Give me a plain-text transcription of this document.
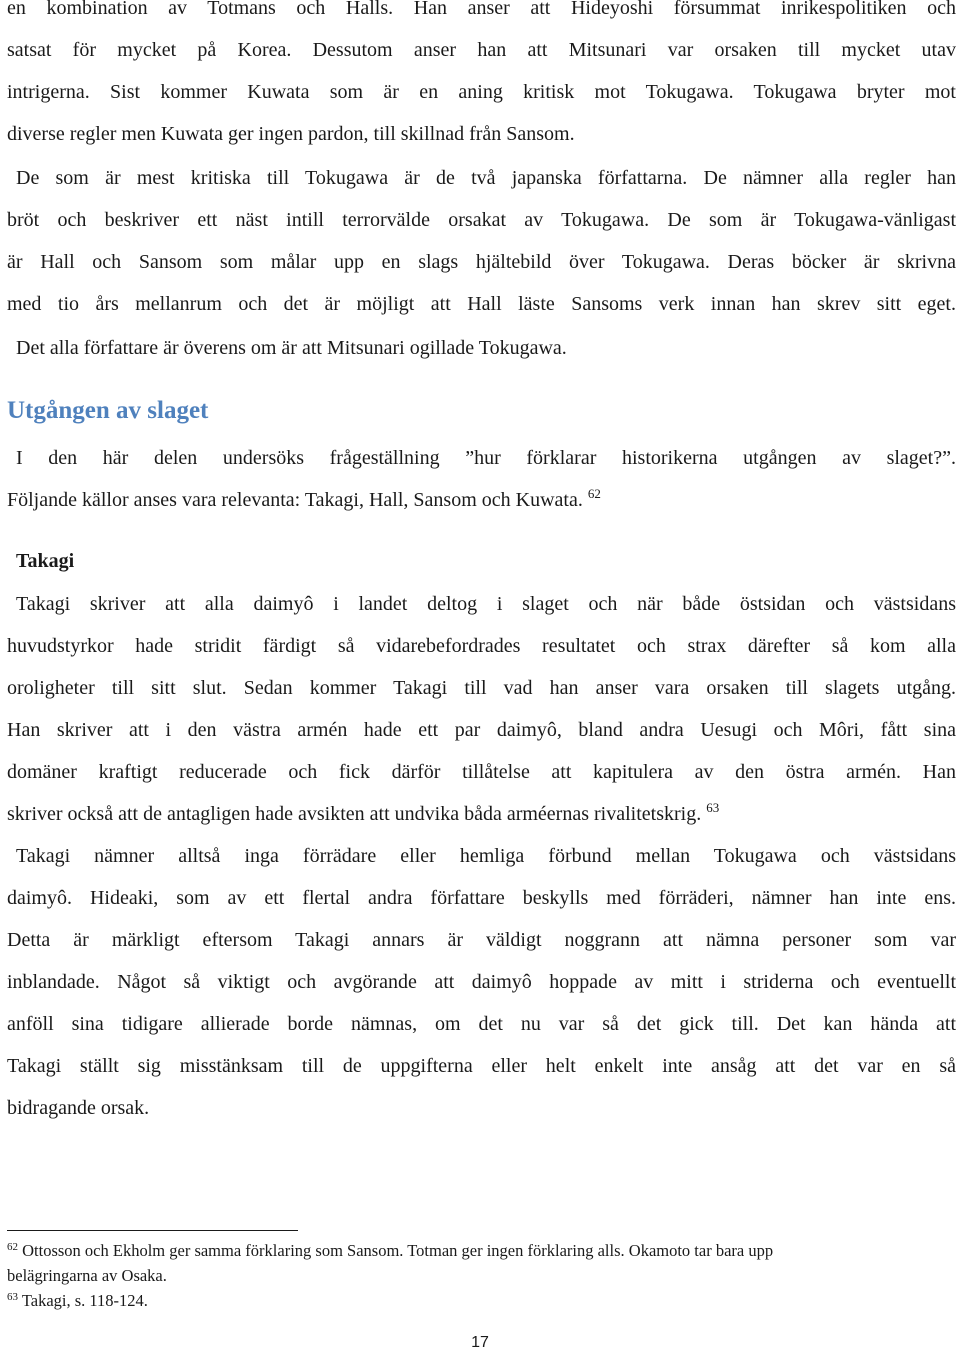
en kombination av Totmans och Halls. Han anser att Hideyoshi försummat inrikespolitiken och
satsat för mycket på Korea. Dessutom anser han att Mitsunari var orsaken till mycket utav
intrigerna. Sist kommer Kuwata som är en aning kritisk mot Tokugawa. Tokugawa bryter mot
diverse regler men Kuwata ger ingen pardon, till skillnad från Sansom.
De som är mest kritiska till Tokugawa är de två japanska författarna. De nämner alla regler han
bröt och beskriver ett näst intill terrorvälde orsakat av Tokugawa. De som är Tokugawa-vänligast
är Hall och Sansom som målar upp en slags hjältebild över Tokugawa. Deras böcker är skrivna
med tio års mellanrum och det är möjligt att Hall läste Sansoms verk innan han skrev sitt eget.
Det alla författare är överens om är att Mitsunari ogillade Tokugawa.
Utgången av slaget
I den här delen undersöks frågeställning ”hur förklarar historikerna utgången av slaget?”.
Följande källor anses vara relevanta: Takagi, Hall, Sansom och Kuwata. $^{62}$
Takagi
Takagi skriver att alla daimyô i landet deltog i slaget och när både östsidan och västsidans
huvudstyrkor hade stridit färdigt så vidarebefordrades resultatet och strax därefter så kom alla
oroligheter till sitt slut. Sedan kommer Takagi till vad han anser vara orsaken till slagets utgång.
Han skriver att i den västra armén hade ett par daimyô, bland andra Uesugi och Môri, fått sina
domäner kraftigt reducerade och fick därför tillåtelse att kapitulera av den östra armén. Han
skriver också att de antagligen hade avsikten att undvika båda arméernas rivalitetskrig. $^{63}$
Takagi nämner alltså inga förrädare eller hemliga förbund mellan Tokugawa och västsidans
daimyô. Hideaki, som av ett flertal andra författare beskylls med förräderi, nämner han inte ens.
Detta är märkligt eftersom Takagi annars är väldigt noggrann att nämna personer som var
inblandade. Något så viktigt och avgörande att daimyô hoppade av mitt i striderna och eventuellt
anföll sina tidigare allierade borde nämnas, om det nu var så det gick till. Det kan hända att
Takagi ställt sig misstänksam till de uppgifterna eller helt enkelt inte ansåg att det var en så
bidragande orsak.
$^{62}$ Ottosson och Ekholm ger samma förklaring som Sansom. Totman ger ingen förklaring alls. Okamoto tar bara upp
belägringarna av Osaka.
$^{63}$ Takagi, s. 118-124.
17
